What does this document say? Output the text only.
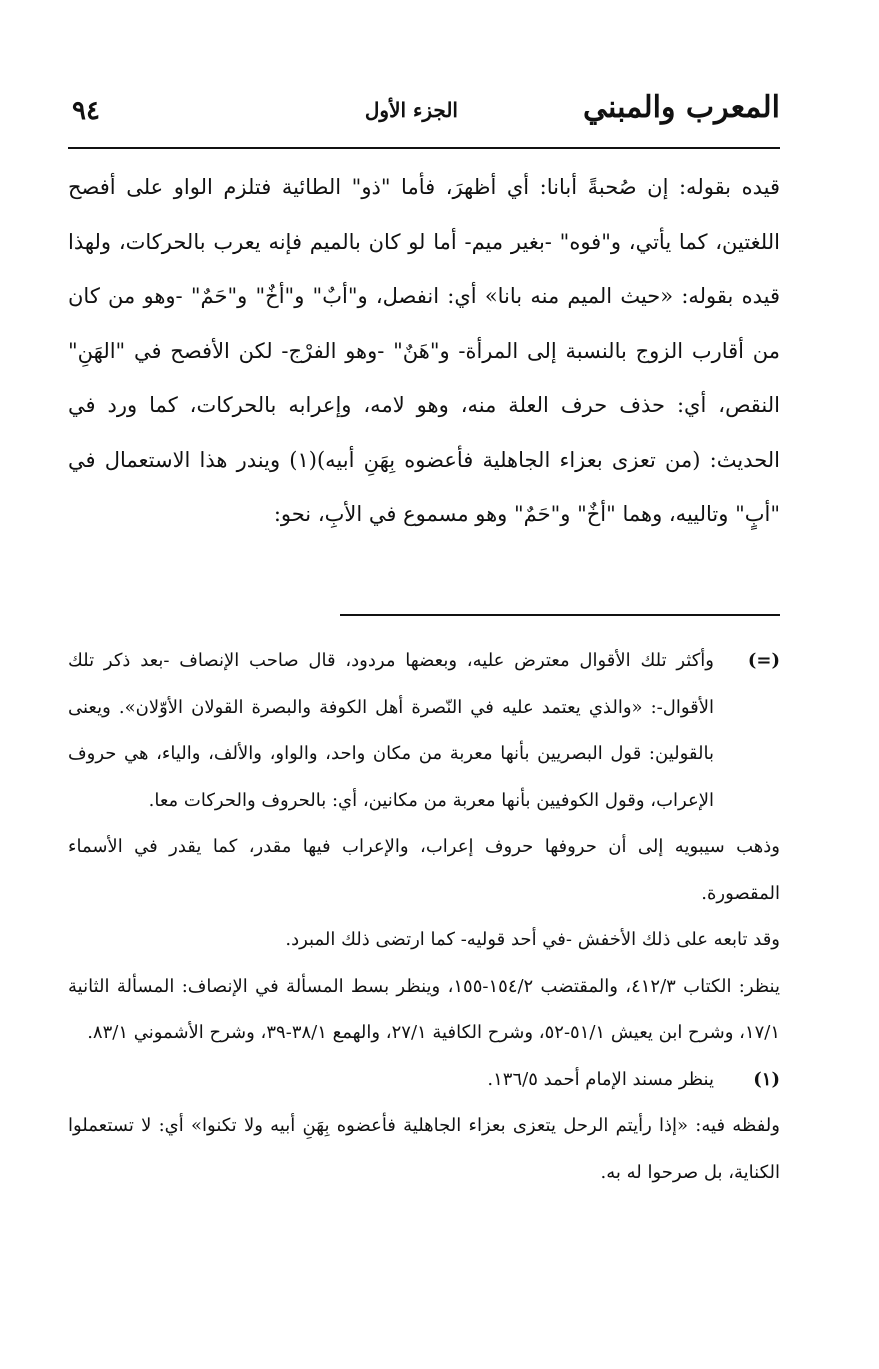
المعرب والمبني
الجزء الأول
٩٤

قيده بقوله: إن صُحبةً أبانا: أي أظهرَ، فأما "ذو" الطائية فتلزم الواو على أفصح اللغتين، كما يأتي، و"فوه" -بغير ميم- أما لو كان بالميم فإنه يعرب بالحركات، ولهذا قيده بقوله: «حيث الميم منه بانا» أي: انفصل، و"أبٌ" و"أخٌ" و"حَمٌ" -وهو من كان من أقارب الزوج بالنسبة إلى المرأة- و"هَنٌ" -وهو الفرْج- لكن الأفصح في "الهَنِ" النقص، أي: حذف حرف العلة منه، وهو لامه، وإعرابه بالحركات، كما ورد في الحديث: (من تعزى بعزاء الجاهلية فأعضوه بِهَنِ أبيه)(١) ويندر هذا الاستعمال في "أبٍ" وتالييه، وهما "أخٌ" و"حَمٌ" وهو مسموع في الأبِ، نحو:

(=)

وأكثر تلك الأقوال معترض عليه، وبعضها مردود، قال صاحب الإنصاف -بعد ذكر تلك الأقوال-: «والذي يعتمد عليه في النّصرة أهل الكوفة والبصرة القولان الأوّلان». ويعنى بالقولين: قول البصريين بأنها معربة من مكان واحد، والواو، والألف، والياء، هي حروف الإعراب، وقول الكوفيين بأنها معربة من مكانين، أي: بالحروف والحركات معا.

وذهب سيبويه إلى أن حروفها حروف إعراب، والإعراب فيها مقدر، كما يقدر في الأسماء المقصورة.

وقد تابعه على ذلك الأخفش -في أحد قوليه- كما ارتضى ذلك المبرد.

ينظر: الكتاب ٤١٢/٣، والمقتضب ١٥٤/٢-١٥٥، وينظر بسط المسألة في الإنصاف: المسألة الثانية ١٧/١، وشرح ابن يعيش ٥١/١-٥٢، وشرح الكافية ٢٧/١، والهمع ٣٨/١-٣٩، وشرح الأشموني ٨٣/١.

(١)

ينظر مسند الإمام أحمد ١٣٦/٥.

ولفظه فيه: «إذا رأيتم الرحل يتعزى بعزاء الجاهلية فأعضوه بِهَنِ أبيه ولا تكنوا» أي: لا تستعملوا الكناية، بل صرحوا له به.
